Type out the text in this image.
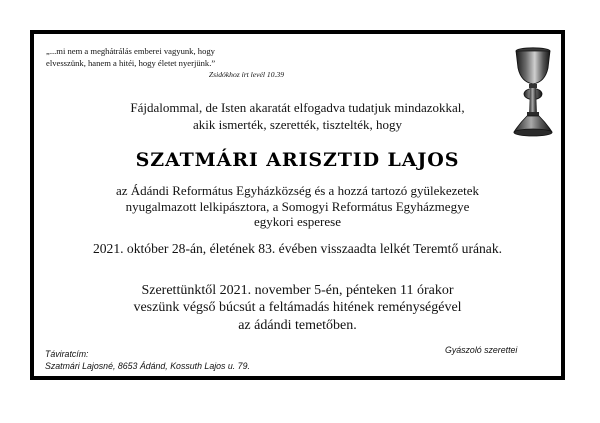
„...mi nem a meghátrálás emberei vagyunk, hogy
elvesszünk, hanem a hitéi, hogy életet nyerjünk.”
Zsidókhoz írt levél 10.39
Fájdalommal, de Isten akaratát elfogadva tudatjuk mindazokkal,
akik ismerték, szerették, tisztelték, hogy
SZATMÁRI ARISZTID LAJOS
az Ádándi Református Egyházközség és a hozzá tartozó gyülekezetek
nyugalmazott lelkipásztora, a Somogyi Református Egyházmegye
egykori esperese
2021. október 28-án, életének 83. évében visszaadta lelkét Teremtő urának.
Szerettünktől 2021. november 5-én, pénteken 11 órakor
veszünk végső búcsút a feltámadás hitének reménységével
az ádándi temetőben.
Táviratcím:
Szatmári Lajosné, 8653 Ádánd, Kossuth Lajos u. 79.
Gyászoló szerettei
